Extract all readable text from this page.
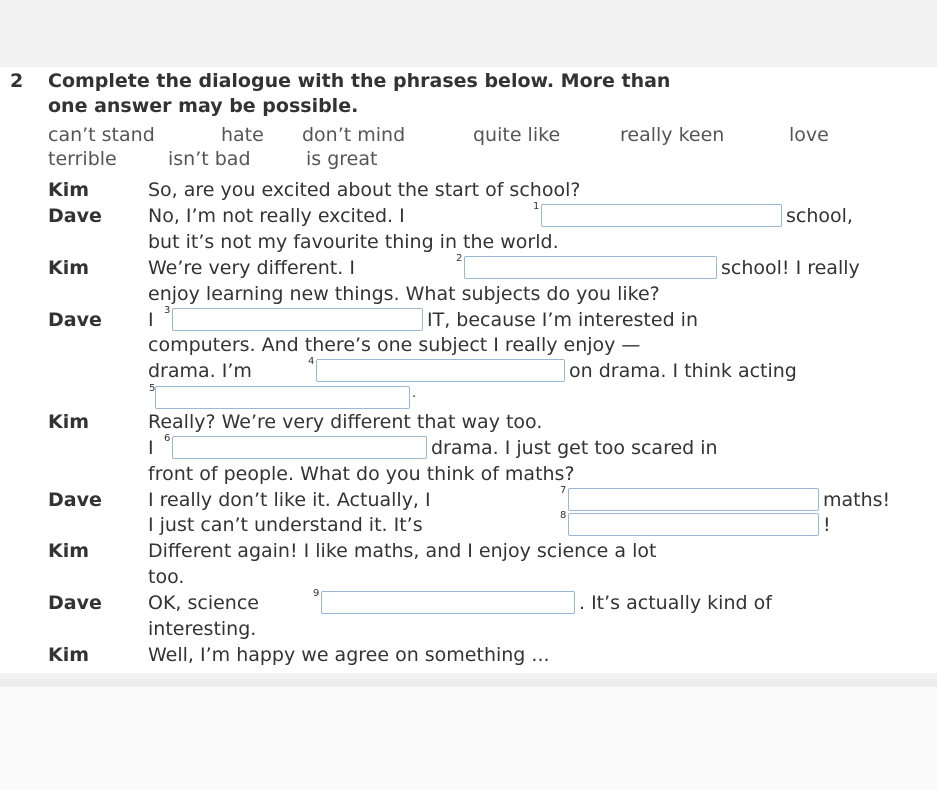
2 Complete the dialogue with the phrases below. More than
one answer may be possible.
can’t stand	hate don’t mind	quite like	really keen	love
terrible	isn’t bad	is great
Kim	So, are you excited about the start of school?
Dave No, I’m not really excited. I	1	school,
but it’s not my favourite thing in the world.
Kim	We’re very different. I	2	school! I really
enjoy learning new things. What subjects do you like?
Dave I 3	IT, because I’m interested in
computers. And there’s one subject I really enjoy —
drama. I’m	4	on drama. I think acting
5	.
Kim	Really? We’re very different that way too.
I 6	drama. I just get too scared in
front of people. What do you think of maths?
Dave I really don’t like it. Actually, I	7	maths!
I just can’t understand it. It’s	8	!
Kim	Different again! I like maths, and I enjoy science a lot
too.
Dave OK, science	9	. It’s actually kind of
interesting.
Kim	Well, I’m happy we agree on something ...
